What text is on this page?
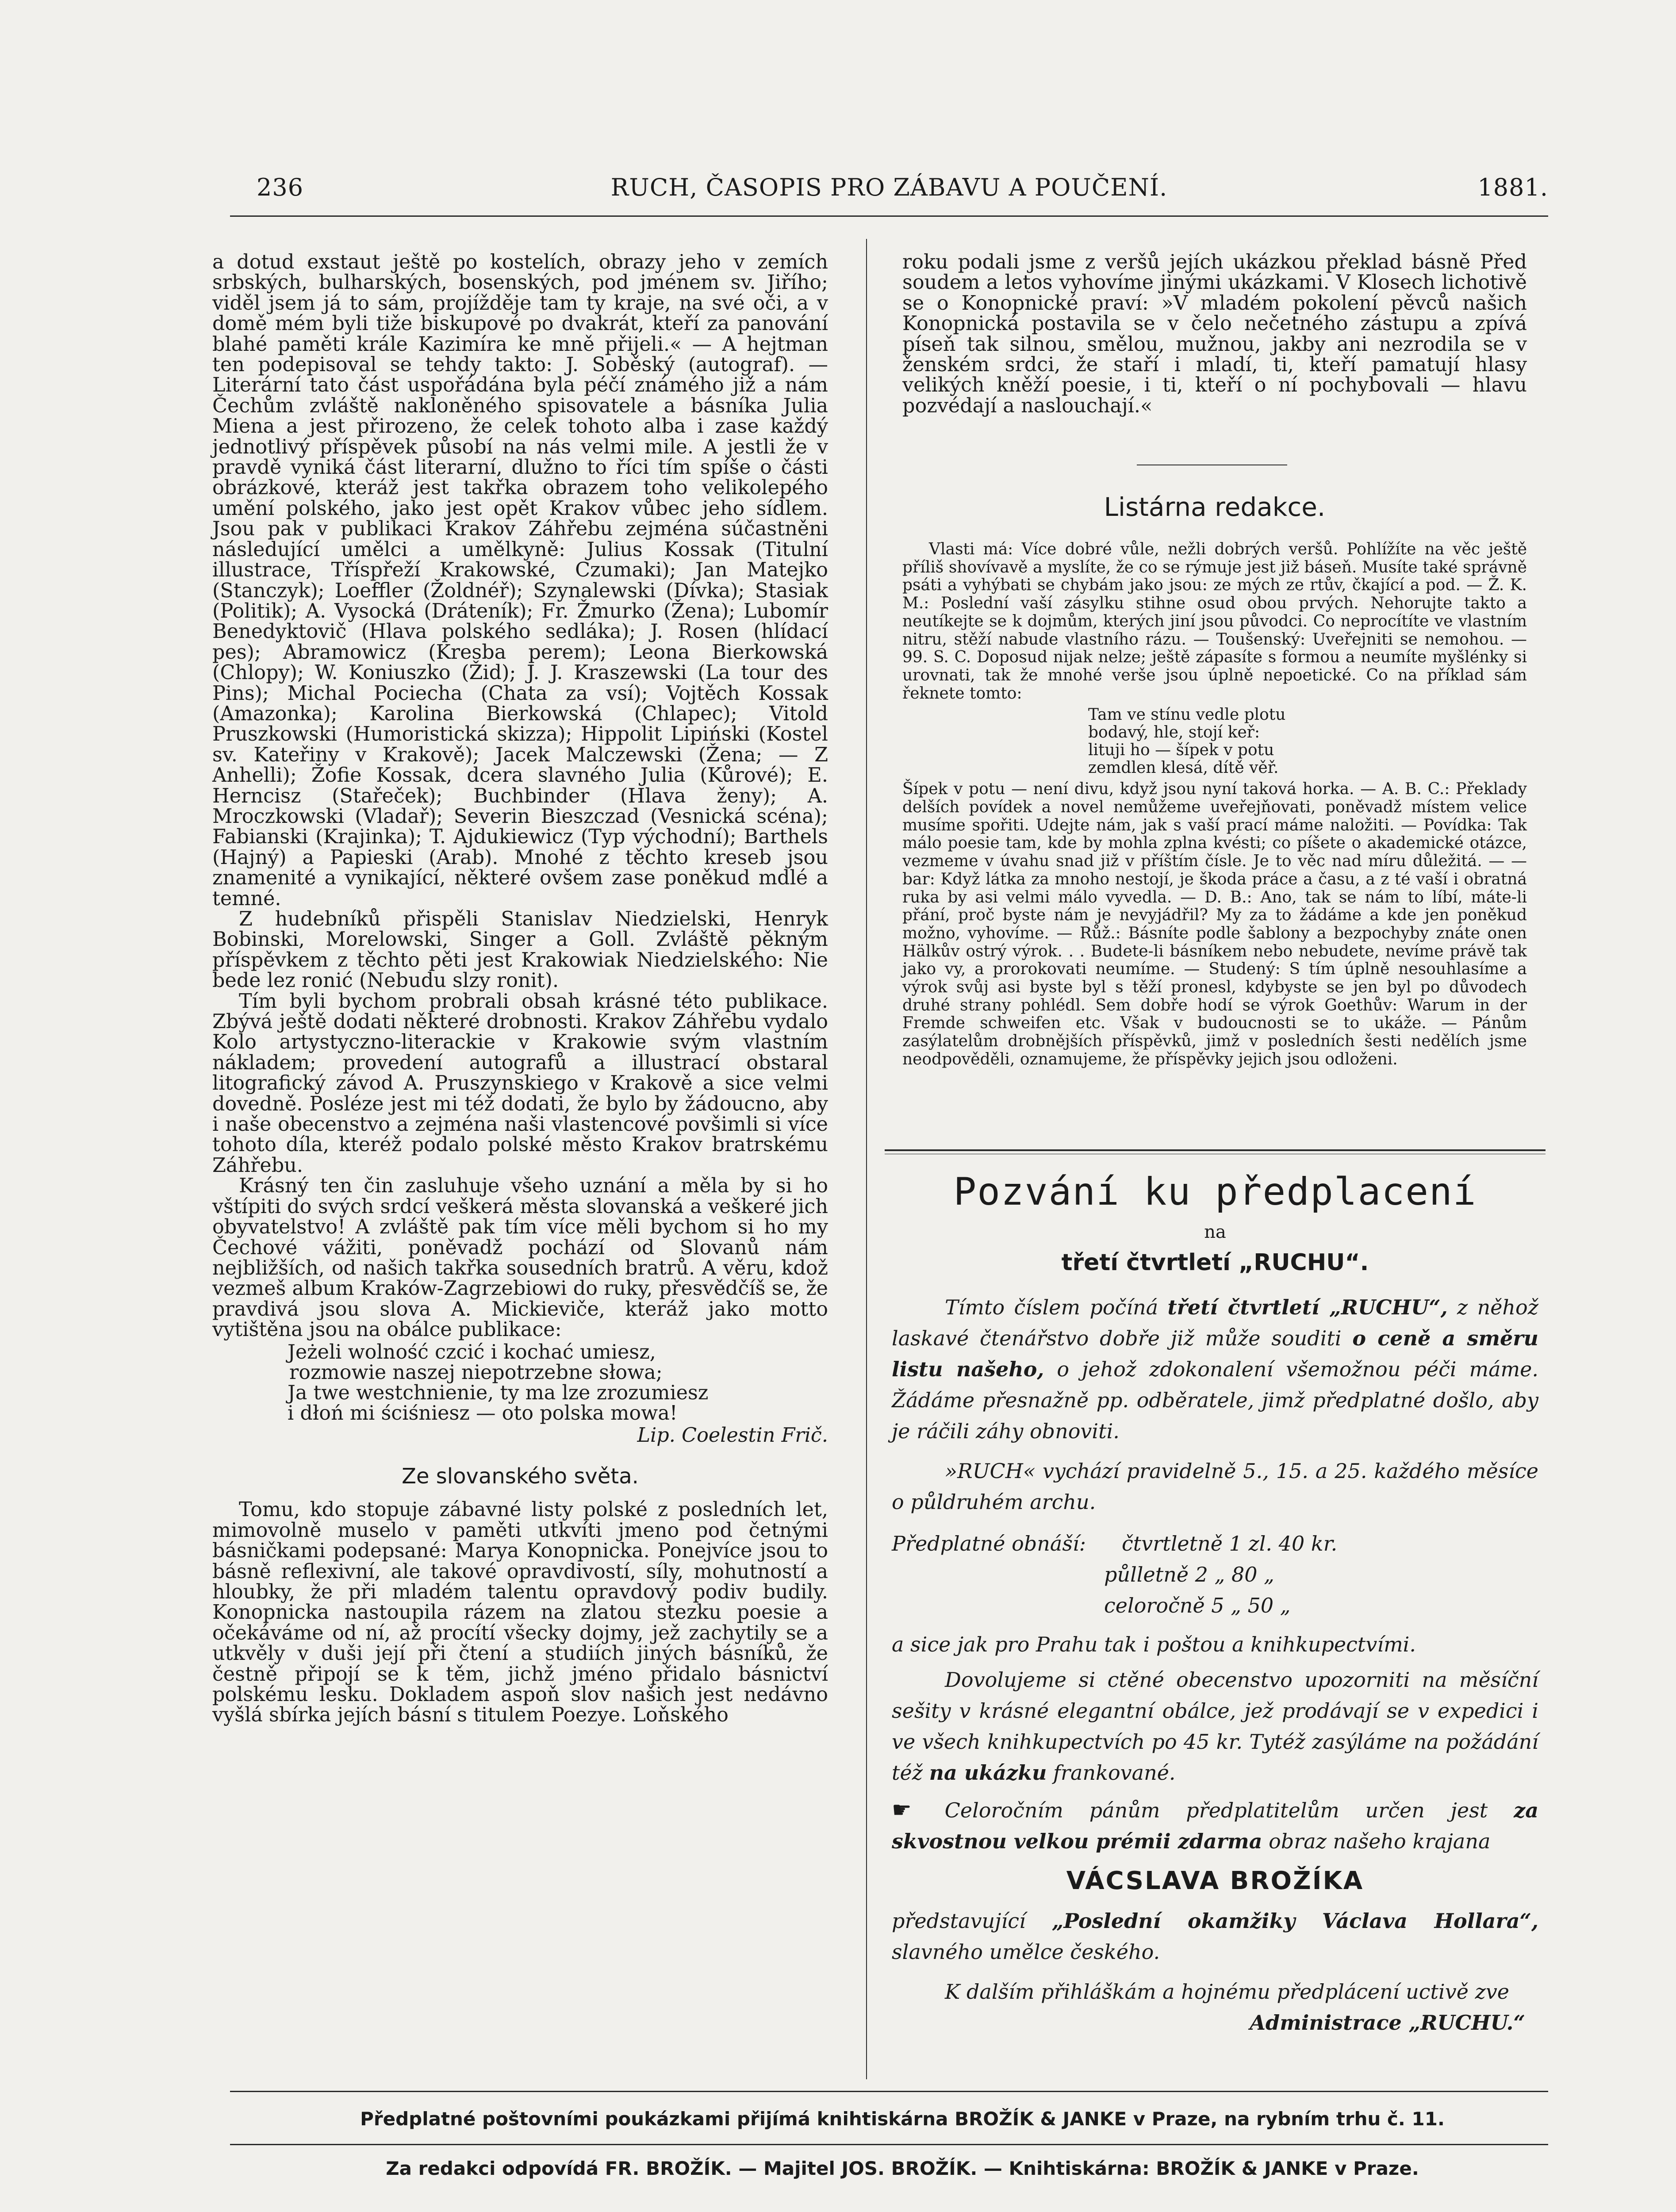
236	RUCH, ČASOPIS PRO ZÁBAVU A POUČENÍ.	1881.

a dotud exstaut ještě po kostelích, obrazy jeho v zemích srbských, bulharských, bosenských, pod jménem sv. Jiřího; viděl jsem já to sám, projížděje tam ty kraje, na své oči, a v domě mém byli tiže biskupové po dvakrát, kteří za panování blahé paměti krále Kazimíra ke mně přijeli.« — A hejtman ten podepisoval se tehdy takto: J. Soběský (autograf). — Literární tato část uspořádána byla péčí známého již a nám Čechům zvláště nakloněného spisovatele a básníka Julia Miena a jest přirozeno, že celek tohoto alba i zase každý jednotlivý příspěvek působí na nás velmi mile. A jestli že v pravdě vyniká část literarní, dlužno to říci tím spíše o části obrázkové, kteráž jest takřka obrazem toho velikolepého umění polského, jako jest opět Krakov vůbec jeho sídlem. Jsou pak v publikaci Krakov Záhřebu zejména súčastněni následující umělci a umělkyně: Julius Kossak (Titulní illustrace, Tříspřeží Krakowské, Czumaki); Jan Matejko (Stanczyk); Loeffler (Žoldnéř); Szynalewski (Dívka); Stasiak (Politik); A. Vysocká (Dráteník); Fr. Žmurko (Žena); Lubomír Benedyktovič (Hlava polského sedláka); J. Rosen (hlídací pes); Abramowicz (Kresba perem); Leona Bierkowská (Chlopy); W. Koniuszko (Žid); J. J. Kraszewski (La tour des Pins); Michal Pociecha (Chata za vsí); Vojtěch Kossak (Amazonka); Karolina Bierkowská (Chlapec); Vitold Pruszkowski (Humoristická skizza); Hippolit Lipiński (Kostel sv. Kateřiny v Krakově); Jacek Malczewski (Žena; — Z Anhelli); Žofie Kossak, dcera slavného Julia (Kůrové); E. Herncisz (Stařeček); Buchbinder (Hlava ženy); A. Mroczkowski (Vladař); Severin Bieszczad (Vesnická scéna); Fabianski (Krajinka); T. Ajdukiewicz (Typ východní); Barthels (Hajný) a Papieski (Arab). Mnohé z těchto kreseb jsou znamenité a vynikající, některé ovšem zase poněkud mdlé a temné.

Z hudebníků přispěli Stanislav Niedzielski, Henryk Bobinski, Morelowski, Singer a Goll. Zvláště pěkným příspěvkem z těchto pěti jest Krakowiak Niedzielského: Nie bede lez ronić (Nebudu slzy ronit).

Tím byli bychom probrali obsah krásné této publikace. Zbývá ještě dodati některé drobnosti. Krakov Záhřebu vydalo Kolo artystyczno-literackie v Krakowie svým vlastním nákladem; provedení autografů a illustrací obstaral litografický závod A. Pruszynskiego v Krakově a sice velmi dovedně. Posléze jest mi též dodati, že bylo by žádoucno, aby i naše obecenstvo a zejména naši vlastencové povšimli si více tohoto díla, kteréž podalo polské město Krakov bratrskému Záhřebu.

Krásný ten čin zasluhuje všeho uznání a měla by si ho vštípiti do svých srdcí veškerá města slovanská a veškeré jich obyvatelstvo! A zvláště pak tím více měli bychom si ho my Čechové vážiti, poněvadž pochází od Slovanů nám nejbližších, od našich takřka sousedních bratrů. A věru, kdož vezmeš album Kraków-Zagrzebiowi do ruky, přesvědčíš se, že pravdivá jsou slova A. Mickieviče, kteráž jako motto vytištěna jsou na obálce publikace:

Jeżeli wolność czcić i kochać umiesz,
rozmowie naszej niepotrzebne słowa;
Ja twe westchnienie, ty ma lze zrozumiesz
i dłoń mi ściśniesz — oto polska mowa!
Lip. Coelestin Frič.
Ze slovanského světa.

Tomu, kdo stopuje zábavné listy polské z posledních let, mimovolně muselo v paměti utkvíti jmeno pod četnými básničkami podepsané: Marya Konopnicka. Ponejvíce jsou to básně reflexivní, ale takové opravdivostí, síly, mohutností a hloubky, že při mladém talentu opravdový podiv budily. Konopnicka nastoupila rázem na zlatou stezku poesie a očekáváme od ní, až procítí všecky dojmy, jež zachytily se a utkvěly v duši její při čtení a studiích jiných básníků, že čestně připojí se k těm, jichž jméno přidalo básnictví polskému lesku. Dokladem aspoň slov našich jest nedávno vyšlá sbírka jejích básní s titulem Poezye. Loňského

roku podali jsme z veršů jejích ukázkou překlad básně Před soudem a letos vyhovíme jinými ukázkami. V Klosech lichotivě se o Konopnické praví: »V mladém pokolení pěvců našich Konopnická postavila se v čelo nečetného zástupu a zpívá píseň tak silnou, smělou, mužnou, jakby ani nezrodila se v ženském srdci, že staří i mladí, ti, kteří pamatují hlasy velikých kněží poesie, i ti, kteří o ní pochybovali — hlavu pozvédají a naslouchají.«

Listárna redakce.

Vlasti má: Více dobré vůle, nežli dobrých veršů. Pohlížíte na věc ještě příliš shovívavě a myslíte, že co se rýmuje jest již báseň. Musíte také správně psáti a vyhýbati se chybám jako jsou: ze mých ze rtův, čkající a pod. — Ž. K. M.: Poslední vaší zásylku stihne osud obou prvých. Nehorujte takto a neutíkejte se k dojmům, kterých jiní jsou původci. Co neprocítíte ve vlastním nitru, stěží nabude vlastního rázu. — Toušenský: Uveřejniti se nemohou. — 99. S. C. Doposud nijak nelze; ještě zápasíte s formou a neumíte myšlénky si urovnati, tak že mnohé verše jsou úplně nepoetické. Co na příklad sám řeknete tomto:

Tam ve stínu vedle plotu
bodavý, hle, stojí keř:
lituji ho — šípek v potu
zemdlen klesá, dítě věř.

Šípek v potu — není divu, když jsou nyní taková horka. — A. B. C.: Překlady delších povídek a novel nemůžeme uveřejňovati, poněvadž místem velice musíme spořiti. Udejte nám, jak s vaší prací máme naložiti. — Povídka: Tak málo poesie tam, kde by mohla zplna kvésti; co píšete o akademické otázce, vezmeme v úvahu snad již v příštím čísle. Je to věc nad míru důležitá. — — bar: Když látka za mnoho nestojí, je škoda práce a času, a z té vaší i obratná ruka by asi velmi málo vyvedla. — D. B.: Ano, tak se nám to líbí, máte-li přání, proč byste nám je nevyjádřil? My za to žádáme a kde jen poněkud možno, vyhovíme. — Růž.: Básníte podle šablony a bezpochyby znáte onen Hälkův ostrý výrok. . . Budete-li básníkem nebo nebudete, nevíme právě tak jako vy, a prorokovati neumíme. — Studený: S tím úplně nesouhlasíme a výrok svůj asi byste byl s těží pronesl, kdybyste se jen byl po důvodech druhé strany pohlédl. Sem dobře hodí se výrok Goethův: Warum in der Fremde schweifen etc. Však v budoucnosti se to ukáže. — Pánům zasýlatelům drobnějších příspěvků, jimž v posledních šesti nedělích jsme neodpověděli, oznamujeme, že příspěvky jejich jsou odloženi.

Pozvání ku předplacení
na
třetí čtvrtletí „RUCHU“.

Tímto číslem počíná třetí čtvrtletí „RUCHU“, z něhož laskavé čtenářstvo dobře již může souditi o ceně a směru listu našeho, o jehož zdokonalení všemožnou péči máme. Žádáme přesnažně pp. odběratele, jimž předplatné došlo, aby je ráčili záhy obnoviti.

»RUCH« vychází pravidelně 5., 15. a 25. každého měsíce o půldruhém archu.

Předplatné obnáší: čtvrtletně 1 zl. 40 kr.
půlletně 2 „ 80 „
celoročně 5 „ 50 „

a sice jak pro Prahu tak i poštou a knihkupectvími.

Dovolujeme si ctěné obecenstvo upozorniti na měsíční sešity v krásné elegantní obálce, jež prodávají se v expedici i ve všech knihkupectvích po 45 kr. Tytéž zasýláme na požádání též na ukázku frankované.

☛ Celoročním pánům předplatitelům určen jest za skvostnou velkou prémii zdarma obraz našeho krajana

VÁCSLAVA BROŽÍKA

představující „Poslední okamžiky Václava Hollara“, slavného umělce českého.

K dalším přihláškám a hojnému předplácení uctivě zve

Administrace „RUCHU.“

Předplatné poštovními poukázkami přijímá knihtiskárna BROŽÍK & JANKE v Praze, na rybním trhu č. 11.
Za redakci odpovídá FR. BROŽÍK. — Majitel JOS. BROŽÍK. — Knihtiskárna: BROŽÍK & JANKE v Praze.
